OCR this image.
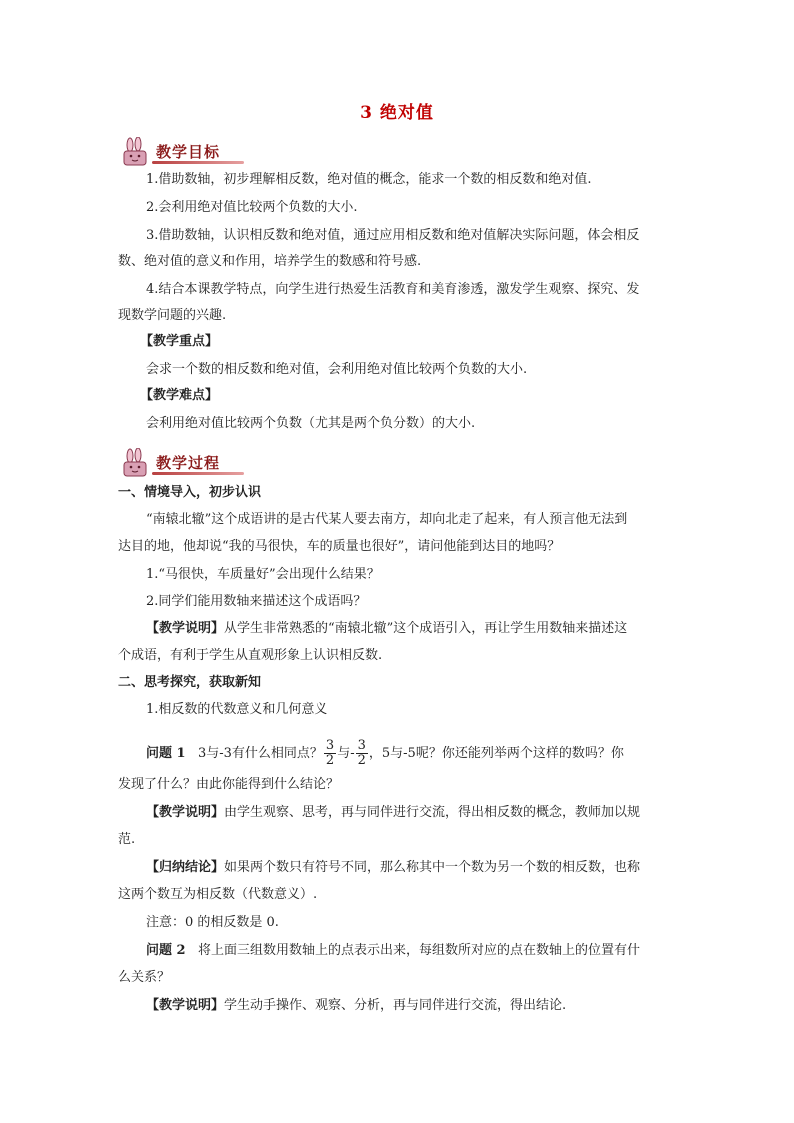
3 绝对值
教学目标
1.借助数轴，初步理解相反数，绝对值的概念，能求一个数的相反数和绝对值.
2.会利用绝对值比较两个负数的大小.
3.借助数轴，认识相反数和绝对值，通过应用相反数和绝对值解决实际问题，体会相反
数、绝对值的意义和作用，培养学生的数感和符号感.
4.结合本课教学特点，向学生进行热爱生活教育和美育渗透，激发学生观察、探究、发
现数学问题的兴趣.
【教学重点】
会求一个数的相反数和绝对值，会利用绝对值比较两个负数的大小.
【教学难点】
会利用绝对值比较两个负数（尤其是两个负分数）的大小.
教学过程
一、情境导入，初步认识
“南辕北辙”这个成语讲的是古代某人要去南方，却向北走了起来，有人预言他无法到
达目的地，他却说“我的马很快，车的质量也很好”，请问他能到达目的地吗？
1.“马很快，车质量好”会出现什么结果？
2.同学们能用数轴来描述这个成语吗？
【教学说明】从学生非常熟悉的“南辕北辙”这个成语引入，再让学生用数轴来描述这
个成语，有利于学生从直观形象上认识相反数.
二、思考探究，获取新知
1.相反数的代数意义和几何意义
问题 1 3与-3有什么相同点？ $\frac{3}{2}$ 与- $\frac{3}{2}$ ，5与-5呢？你还能列举两个这样的数吗？你
发现了什么？由此你能得到什么结论？
【教学说明】由学生观察、思考，再与同伴进行交流，得出相反数的概念，教师加以规
范.
【归纳结论】如果两个数只有符号不同，那么称其中一个数为另一个数的相反数，也称
这两个数互为相反数（代数意义）.
注意：0 的相反数是 0.
问题 2 将上面三组数用数轴上的点表示出来，每组数所对应的点在数轴上的位置有什
么关系？
【教学说明】学生动手操作、观察、分析，再与同伴进行交流，得出结论.
